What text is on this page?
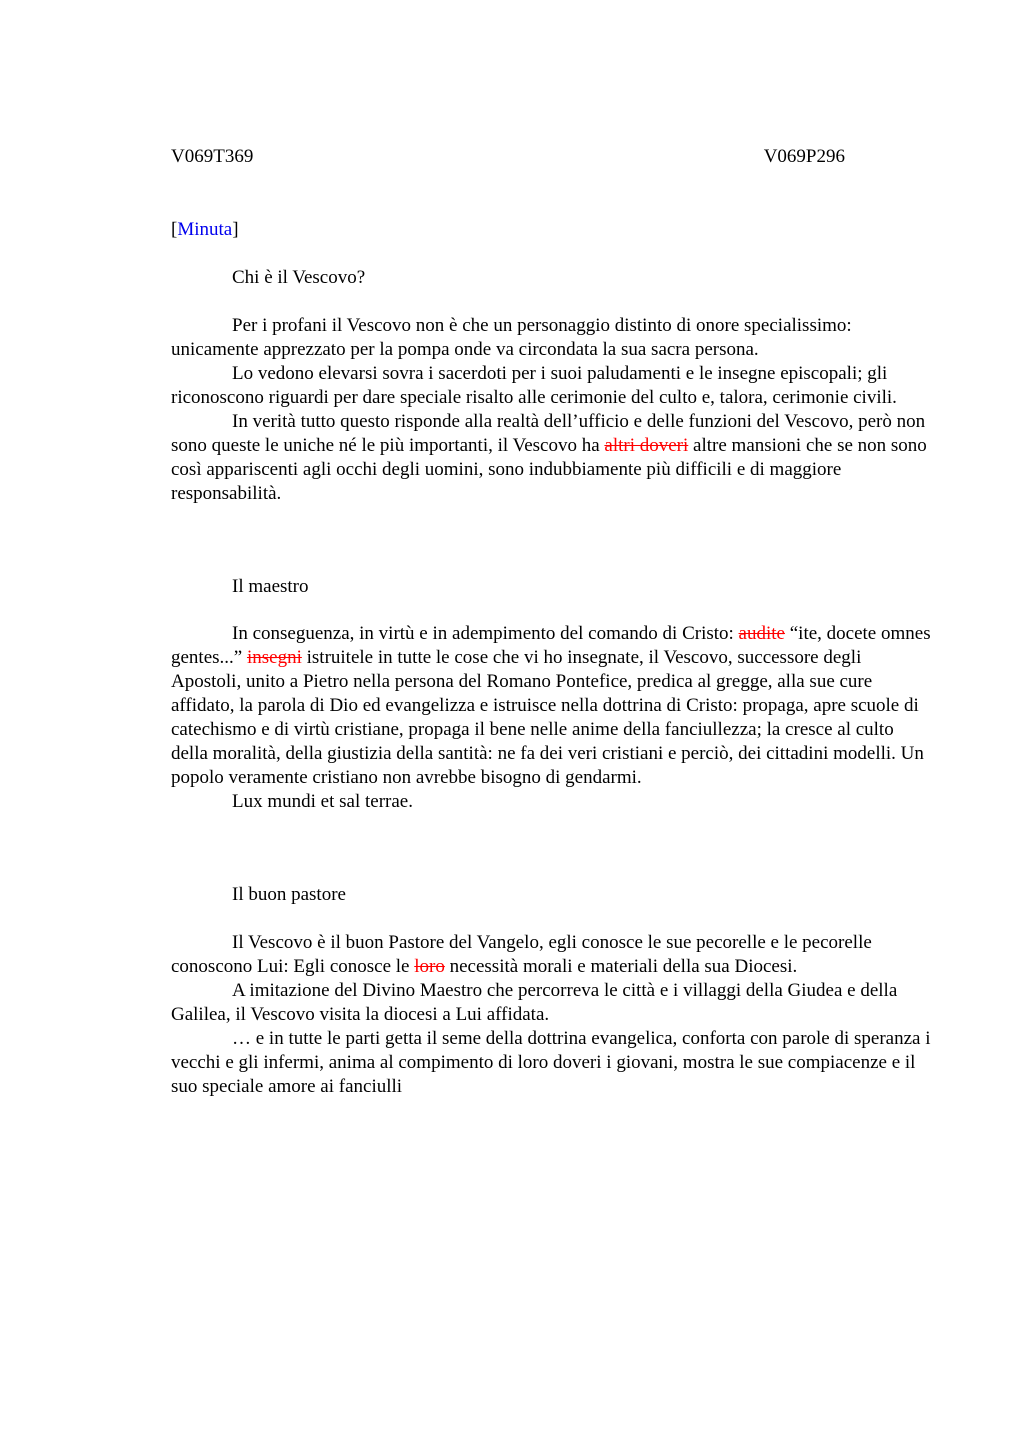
V069T369	V069P296
[Minuta]
Chi è il Vescovo?

Per i profani il Vescovo non è che un personaggio distinto di onore specialissimo: unicamente apprezzato per la pompa onde va circondata la sua sacra persona.

Lo vedono elevarsi sovra i sacerdoti per i suoi paludamenti e le insegne episcopali; gli riconoscono riguardi per dare speciale risalto alle cerimonie del culto e, talora, cerimonie civili.

In verità tutto questo risponde alla realtà dell’ufficio e delle funzioni del Vescovo, però non sono queste le uniche né le più importanti, il Vescovo ha altri doveri altre mansioni che se non sono così appariscenti agli occhi degli uomini, sono indubbiamente più difficili e di maggiore responsabilità.

Il maestro

In conseguenza, in virtù e in adempimento del comando di Cristo: audite “ite, docete omnes gentes...” insegni istruitele in tutte le cose che vi ho insegnate, il Vescovo, successore degli Apostoli, unito a Pietro nella persona del Romano Pontefice, predica al gregge, alla sue cure affidato, la parola di Dio ed evangelizza e istruisce nella dottrina di Cristo: propaga, apre scuole di catechismo e di virtù cristiane, propaga il bene nelle anime della fanciullezza; la cresce al culto della moralità, della giustizia della santità: ne fa dei veri cristiani e perciò, dei cittadini modelli. Un popolo veramente cristiano non avrebbe bisogno di gendarmi.

Lux mundi et sal terrae.

Il buon pastore

Il Vescovo è il buon Pastore del Vangelo, egli conosce le sue pecorelle e le pecorelle conoscono Lui: Egli conosce le loro necessità morali e materiali della sua Diocesi.

A imitazione del Divino Maestro che percorreva le città e i villaggi della Giudea e della Galilea, il Vescovo visita la diocesi a Lui affidata.

… e in tutte le parti getta il seme della dottrina evangelica, conforta con parole di speranza i vecchi e gli infermi, anima al compimento di loro doveri i giovani, mostra le sue compiacenze e il suo speciale amore ai fanciulli
